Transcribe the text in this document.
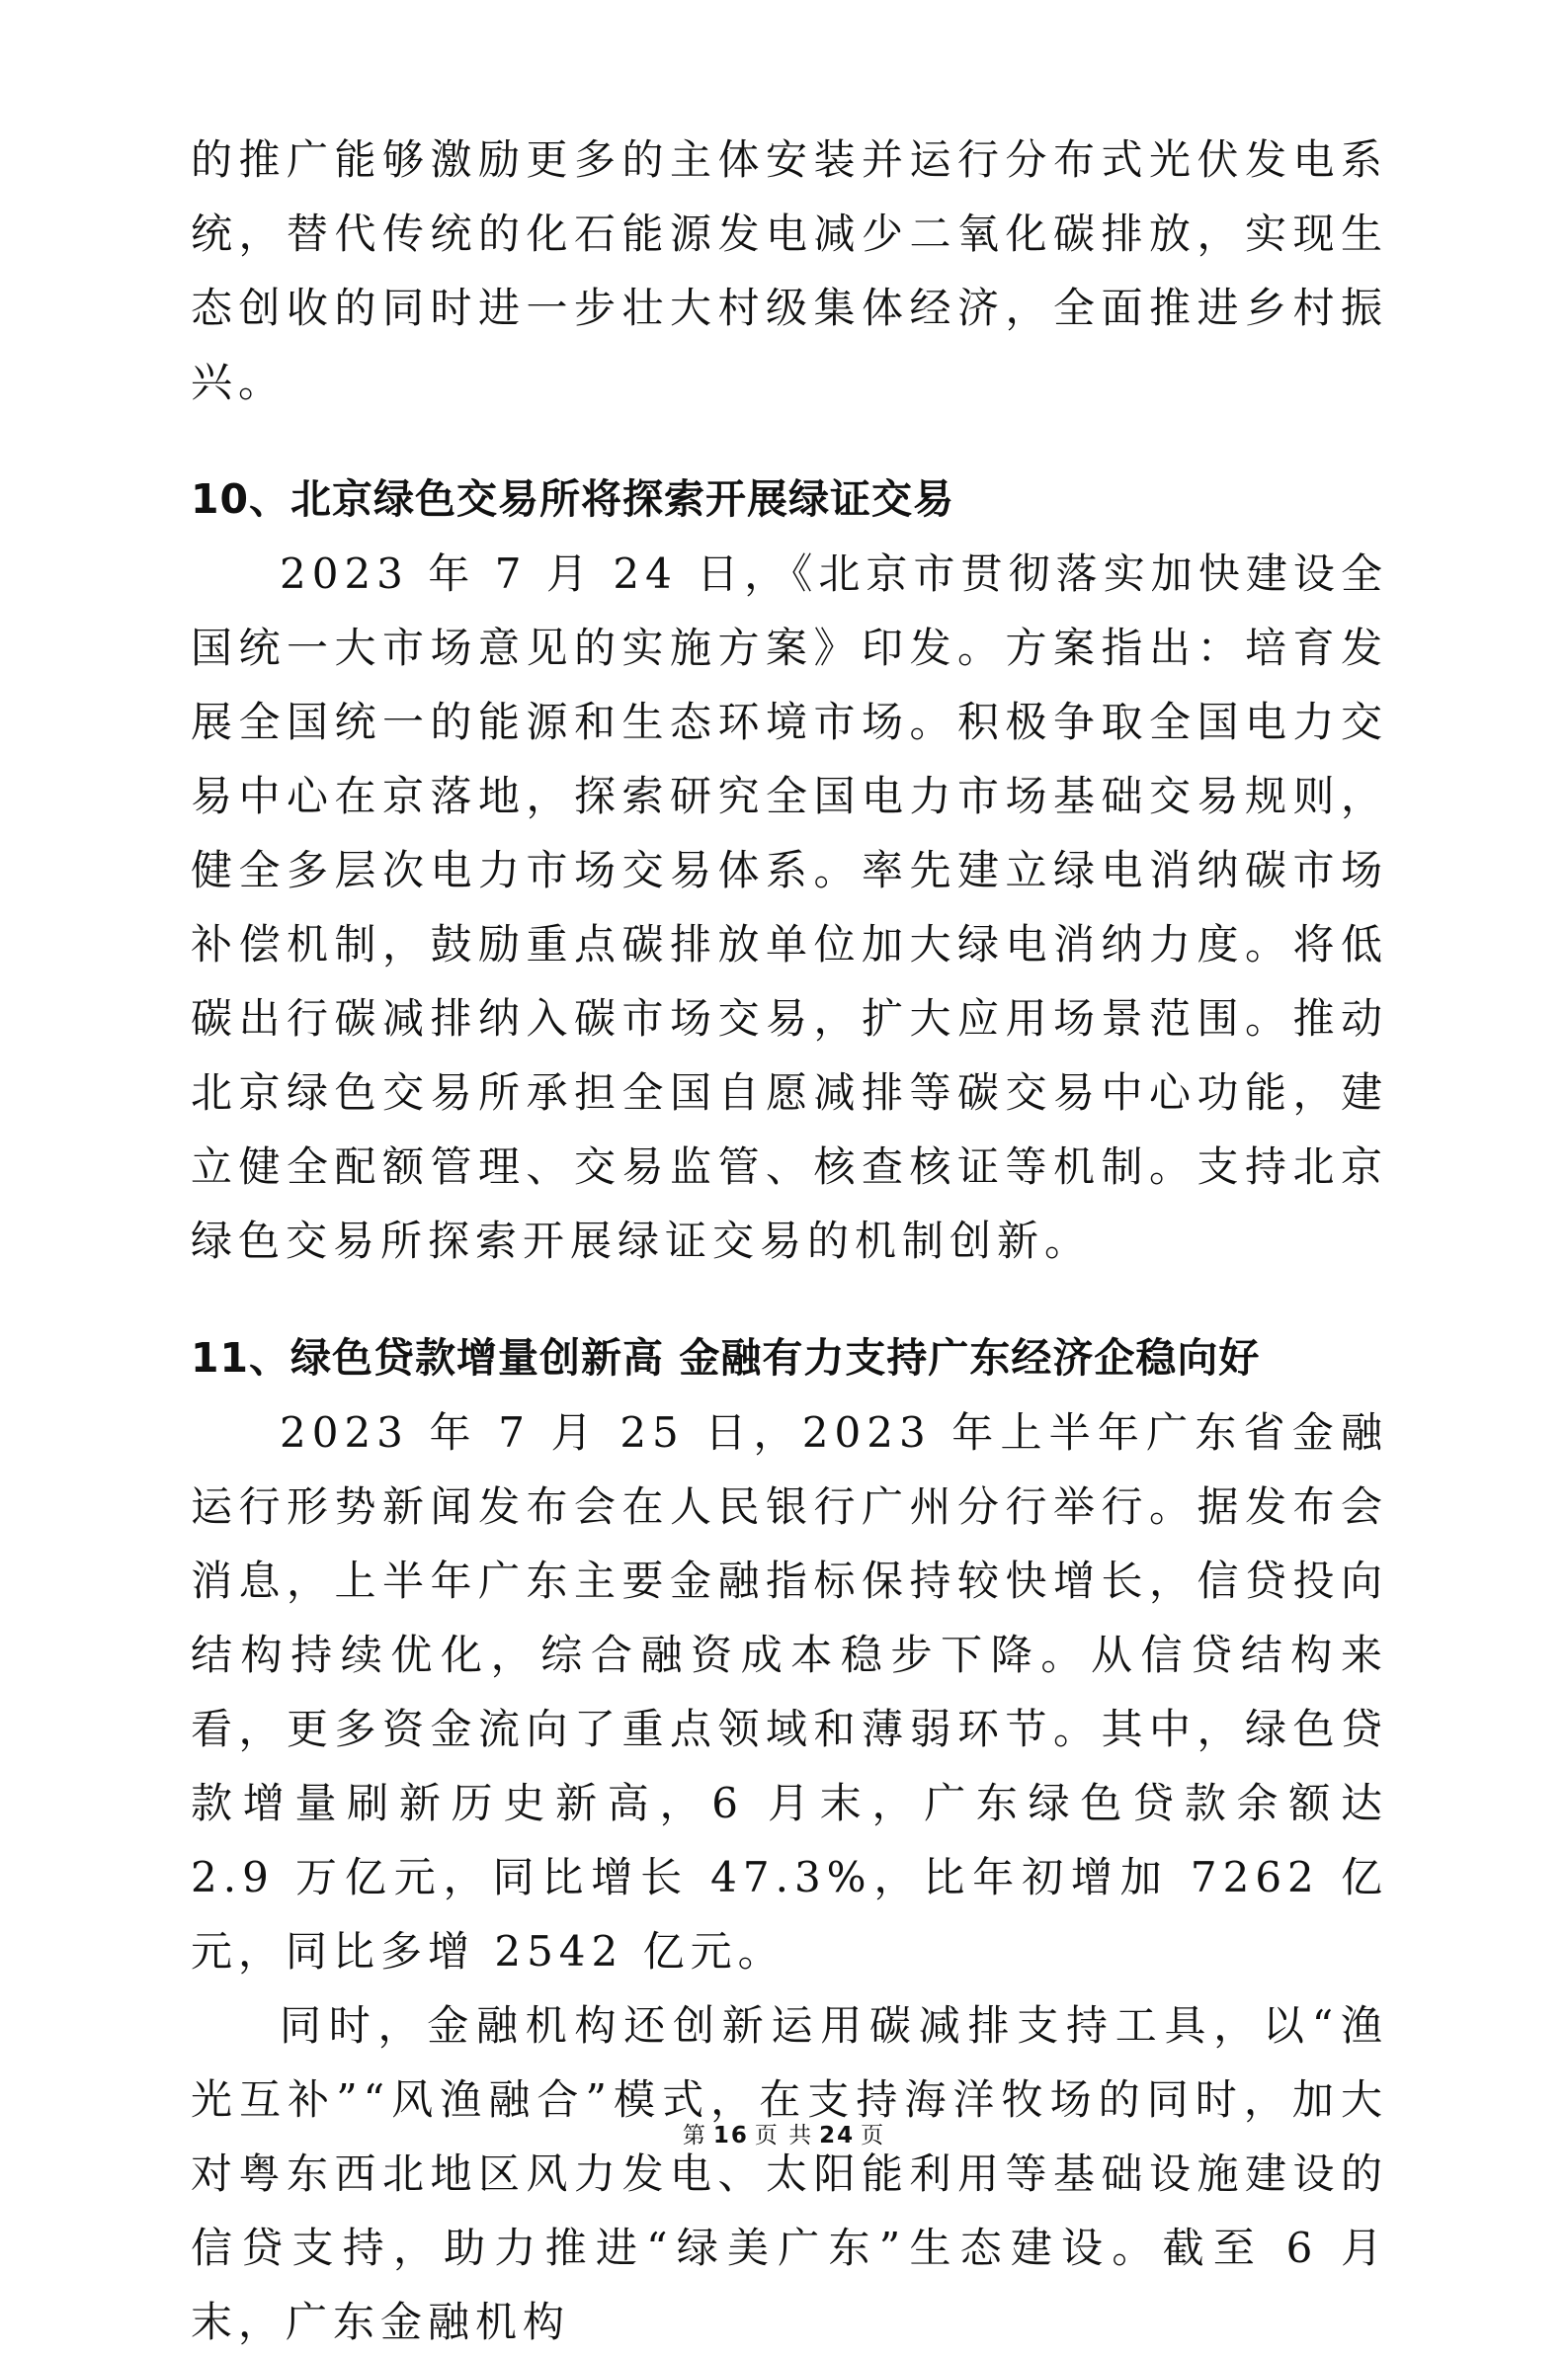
的推广能够激励更多的主体安装并运行分布式光伏发电系统，替代传统的化石能源发电减少二氧化碳排放，实现生态创收的同时进一步壮大村级集体经济，全面推进乡村振兴。

10、北京绿色交易所将探索开展绿证交易

2023 年 7 月 24 日，《北京市贯彻落实加快建设全国统一大市场意见的实施方案》印发。方案指出：培育发展全国统一的能源和生态环境市场。积极争取全国电力交易中心在京落地，探索研究全国电力市场基础交易规则，健全多层次电力市场交易体系。率先建立绿电消纳碳市场补偿机制，鼓励重点碳排放单位加大绿电消纳力度。将低碳出行碳减排纳入碳市场交易，扩大应用场景范围。推动北京绿色交易所承担全国自愿减排等碳交易中心功能，建立健全配额管理、交易监管、核查核证等机制。支持北京绿色交易所探索开展绿证交易的机制创新。

11、绿色贷款增量创新高 金融有力支持广东经济企稳向好

2023 年 7 月 25 日，2023 年上半年广东省金融运行形势新闻发布会在人民银行广州分行举行。据发布会消息，上半年广东主要金融指标保持较快增长，信贷投向结构持续优化，综合融资成本稳步下降。从信贷结构来看，更多资金流向了重点领域和薄弱环节。其中，绿色贷款增量刷新历史新高，6 月末，广东绿色贷款余额达 2.9 万亿元，同比增长 47.3%，比年初增加 7262 亿元，同比多增 2542 亿元。

同时，金融机构还创新运用碳减排支持工具，以“渔光互补”“风渔融合”模式，在支持海洋牧场的同时，加大对粤东西北地区风力发电、太阳能利用等基础设施建设的信贷支持，助力推进“绿美广东”生态建设。截至 6 月末，广东金融机构

第 16 页 共 24 页
